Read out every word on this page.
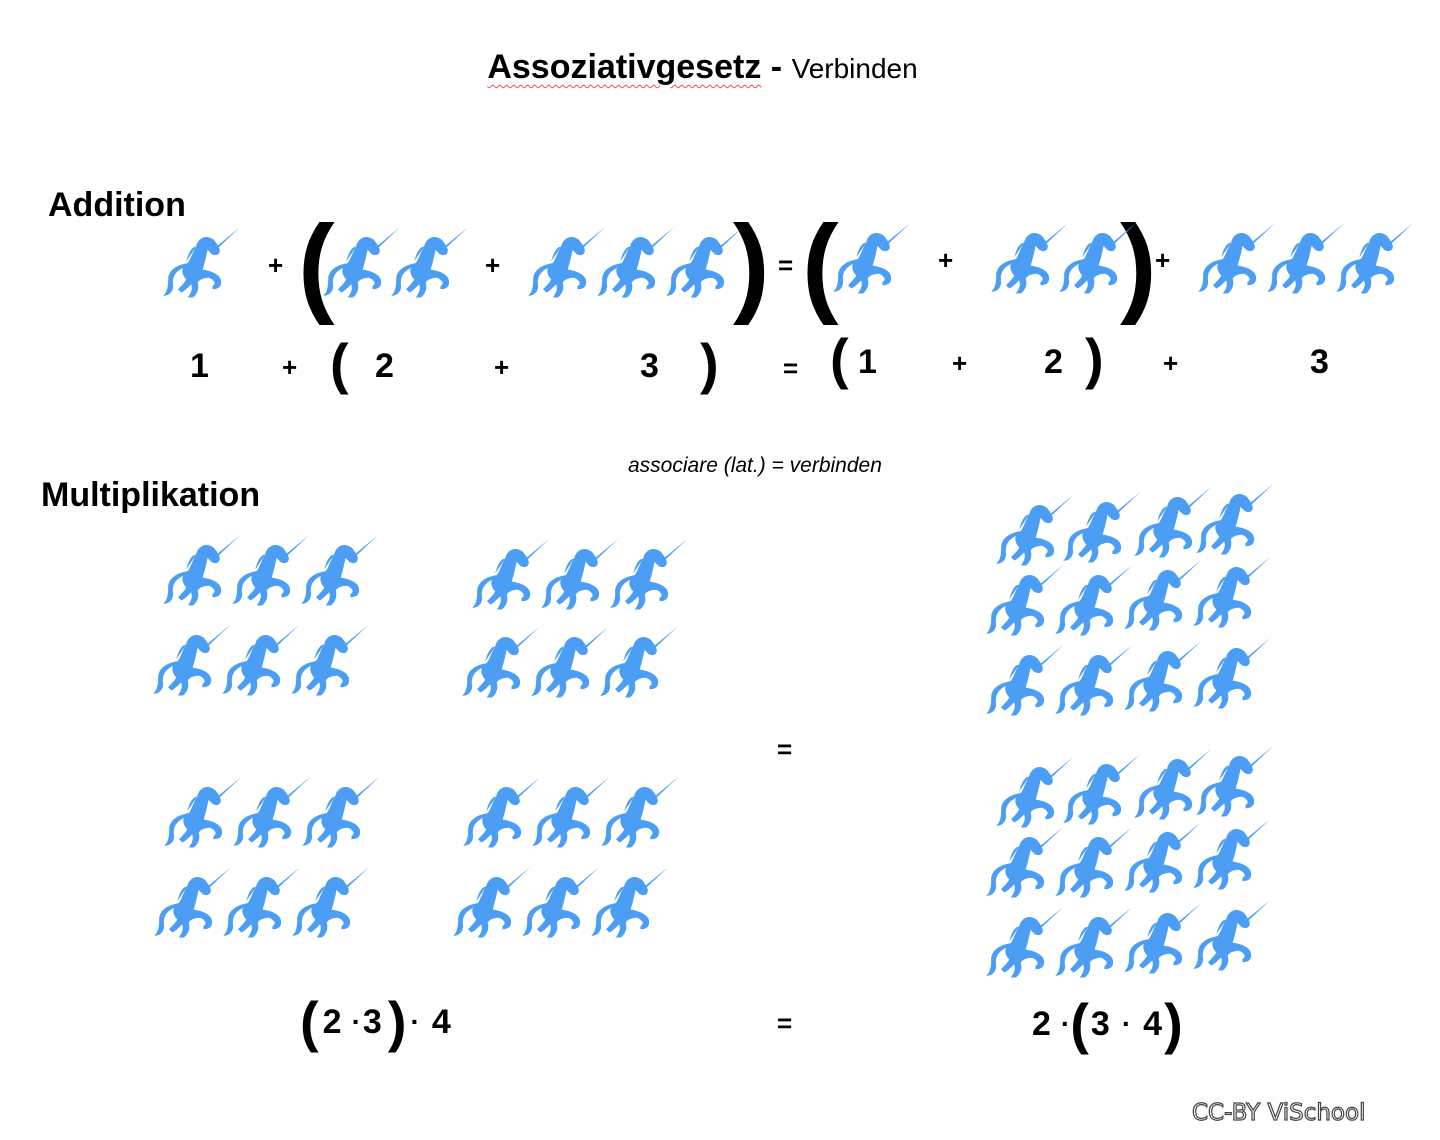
Assoziativgesetz - Verbinden
Addition
+ (	+ ) = (	+ )
+
1	+ ( 2	+	3 ) = ( 1	+ 2 ) +	3
associare (lat.) = verbinden
Multiplikation
=
( 2 ·3 ) · 4	=	2 ·(3 · 4)
CC-BY ViSchool
